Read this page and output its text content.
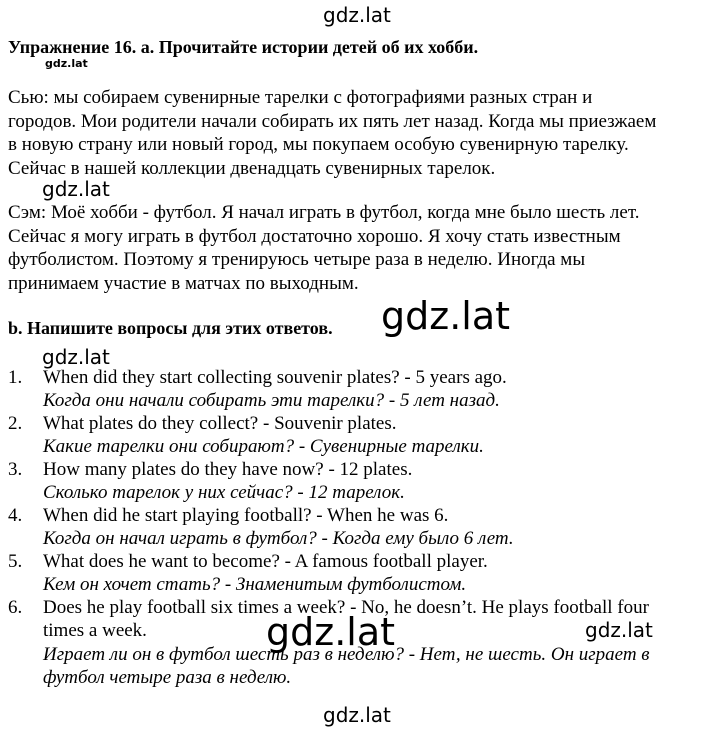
gdz.lat
gdz.lat
gdz.lat
gdz.lat
gdz.lat
gdz.lat	gdz.lat
gdz.lat
Упражнение 16. а. Прочитайте истории детей об их хобби.
Сью: мы собираем сувенирные тарелки с фотографиями разных стран и
городов. Мои родители начали собирать их пять лет назад. Когда мы приезжаем
в новую страну или новый город, мы покупаем особую сувенирную тарелку.
Сейчас в нашей коллекции двенадцать сувенирных тарелок.
Сэм: Моё хобби - футбол. Я начал играть в футбол, когда мне было шесть лет.
Сейчас я могу играть в футбол достаточно хорошо. Я хочу стать известным
футболистом. Поэтому я тренируюсь четыре раза в неделю. Иногда мы
принимаем участие в матчах по выходным.
b. Напишите вопросы для этих ответов.
1. When did they start collecting souvenir plates? - 5 years ago.
Когда они начали собирать эти тарелки? - 5 лет назад.
2. What plates do they collect? - Souvenir plates.
Какие тарелки они собирают? - Сувенирные тарелки.
3. How many plates do they have now? - 12 plates.
Сколько тарелок у них сейчас? - 12 тарелок.
4. When did he start playing football? - When he was 6.
Когда он начал играть в футбол? - Когда ему было 6 лет.
5. What does he want to become? - A famous football player.
Кем он хочет стать? - Знаменитым футболистом.
6. Does he play football six times a week? - No, he doesn’t. He plays football four
times a week.
Играет ли он в футбол шесть раз в неделю? - Нет, не шесть. Он играет в
футбол четыре раза в неделю.
